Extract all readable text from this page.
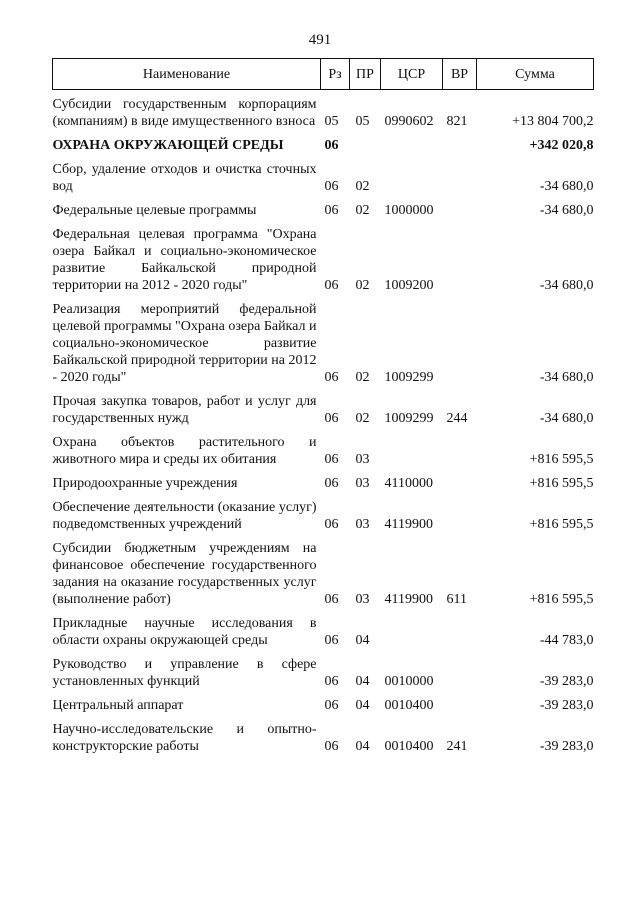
491
Наименование	Рз	ПР	ЦСР	ВР	Сумма
Субсидии государственным корпорациям (компаниям) в виде имущественного взноса	05	05	0990602	821	+13 804 700,2
ОХРАНА ОКРУЖАЮЩЕЙ СРЕДЫ	06				+342 020,8
Сбор, удаление отходов и очистка сточных вод	06	02			-34 680,0
Федеральные целевые программы	06	02	1000000		-34 680,0
Федеральная целевая программа "Охрана озера Байкал и социально-экономическое развитие Байкальской природной территории на 2012 - 2020 годы"	06	02	1009200		-34 680,0
Реализация мероприятий федеральной целевой программы "Охрана озера Байкал и социально-экономическое развитие Байкальской природной территории на 2012 - 2020 годы"	06	02	1009299		-34 680,0
Прочая закупка товаров, работ и услуг для государственных нужд	06	02	1009299	244	-34 680,0
Охрана объектов растительного и животного мира и среды их обитания	06	03			+816 595,5
Природоохранные учреждения	06	03	4110000		+816 595,5
Обеспечение деятельности (оказание услуг) подведомственных учреждений	06	03	4119900		+816 595,5
Субсидии бюджетным учреждениям на финансовое обеспечение государственного задания на оказание государственных услуг (выполнение работ)	06	03	4119900	611	+816 595,5
Прикладные научные исследования в области охраны окружающей среды	06	04			-44 783,0
Руководство и управление в сфере установленных функций	06	04	0010000		-39 283,0
Центральный аппарат	06	04	0010400		-39 283,0
Научно-исследовательские и опытно-конструкторские работы	06	04	0010400	241	-39 283,0
